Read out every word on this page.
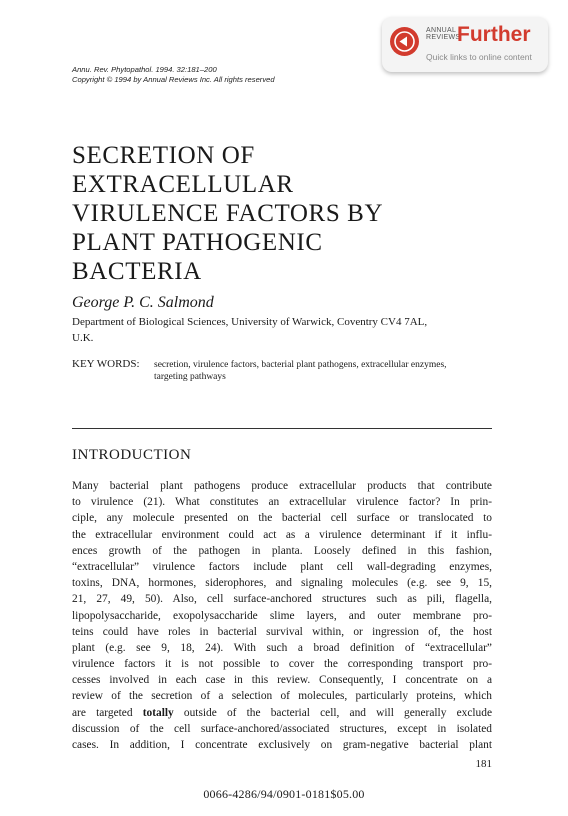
ANNUAL
REVIEWS
Further
Quick links to online content
Annu. Rev. Phytopathol. 1994. 32:181–200
Copyright © 1994 by Annual Reviews Inc. All rights reserved
SECRETION OF
EXTRACELLULAR
VIRULENCE FACTORS BY
PLANT PATHOGENIC
BACTERIA
George P. C. Salmond
Department of Biological Sciences, University of Warwick, Coventry CV4 7AL,
U.K.
KEY WORDS: secretion, virulence factors, bacterial plant pathogens, extracellular enzymes,
targeting pathways
INTRODUCTION
Many bacterial plant pathogens produce extracellular products that contribute
to virulence (21). What constitutes an extracellular virulence factor? In prin-
ciple, any molecule presented on the bacterial cell surface or translocated to
the extracellular environment could act as a virulence determinant if it influ-
ences growth of the pathogen in planta. Loosely defined in this fashion,
“extracellular” virulence factors include plant cell wall-degrading enzymes,
toxins, DNA, hormones, siderophores, and signaling molecules (e.g. see 9, 15,
21, 27, 49, 50). Also, cell surface-anchored structures such as pili, flagella,
lipopolysaccharide, exopolysaccharide slime layers, and outer membrane pro-
teins could have roles in bacterial survival within, or ingression of, the host
plant (e.g. see 9, 18, 24). With such a broad definition of “extracellular”
virulence factors it is not possible to cover the corresponding transport pro-
cesses involved in each case in this review. Consequently, I concentrate on a
review of the secretion of a selection of molecules, particularly proteins, which
are targeted totally outside of the bacterial cell, and will generally exclude
discussion of the cell surface-anchored/associated structures, except in isolated
cases. In addition, I concentrate exclusively on gram-negative bacterial plant
181
0066-4286/94/0901-0181$05.00
